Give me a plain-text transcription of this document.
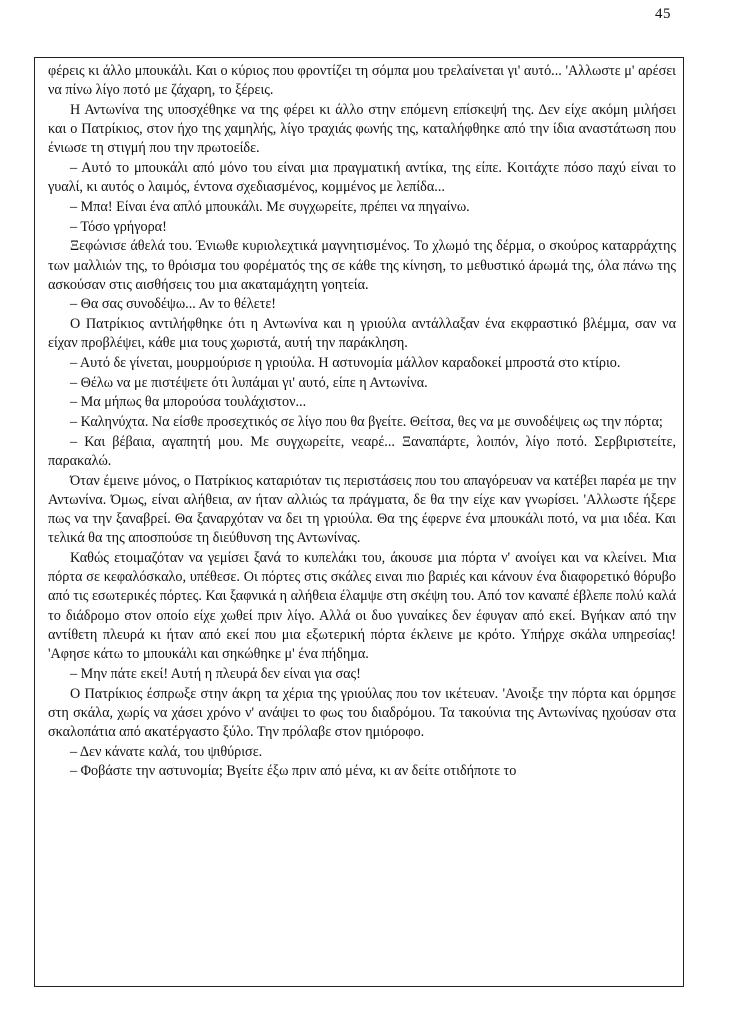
45

φέρεις κι άλλο μπουκάλι. Και ο κύριος που φροντίζει τη σόμπα μου τρελαίνεται γι' αυτό... 'Αλλωστε μ' αρέσει να πίνω λίγο ποτό με ζάχαρη, το ξέρεις.

Η Αντωνίνα της υποσχέθηκε να της φέρει κι άλλο στην επόμενη επίσκεψή της. Δεν είχε ακόμη μιλήσει και ο Πατρίκιος, στον ήχο της χαμηλής, λίγο τραχιάς φωνής της, καταλήφθηκε από την ίδια αναστάτωση που ένιωσε τη στιγμή που την πρωτοείδε.

– Αυτό το μπουκάλι από μόνο του είναι μια πραγματική αντίκα, της είπε. Κοιτάχτε πόσο παχύ είναι το γυαλί, κι αυτός ο λαιμός, έντονα σχεδιασμένος, κομμένος με λεπίδα...

– Μπα! Είναι ένα απλό μπουκάλι. Με συγχωρείτε, πρέπει να πηγαίνω.

– Τόσο γρήγορα!

Ξεφώνισε άθελά του. Ένιωθε κυριολεχτικά μαγνητισμένος. Το χλωμό της δέρμα, ο σκούρος καταρράχτης των μαλλιών της, το θρόισμα του φορέματός της σε κάθε της κίνηση, το μεθυστικό άρωμά της, όλα πάνω της ασκούσαν στις αισθήσεις του μια ακαταμάχητη γοητεία.

– Θα σας συνοδέψω... Αν το θέλετε!

Ο Πατρίκιος αντιλήφθηκε ότι η Αντωνίνα και η γριούλα αντάλλαξαν ένα εκφραστικό βλέμμα, σαν να είχαν προβλέψει, κάθε μια τους χωριστά, αυτή την παράκληση.

– Αυτό δε γίνεται, μουρμούρισε η γριούλα. Η αστυνομία μάλλον καραδοκεί μπροστά στο κτίριο.

– Θέλω να με πιστέψετε ότι λυπάμαι γι' αυτό, είπε η Αντωνίνα.

– Μα μήπως θα μπορούσα τουλάχιστον...

– Καληνύχτα. Να είσθε προσεχτικός σε λίγο που θα βγείτε. Θείτσα, θες να με συνοδέψεις ως την πόρτα;

– Και βέβαια, αγαπητή μου. Με συγχωρείτε, νεαρέ... Ξαναπάρτε, λοιπόν, λίγο ποτό. Σερβιριστείτε, παρακαλώ.

Όταν έμεινε μόνος, ο Πατρίκιος καταριόταν τις περιστάσεις που του απαγόρευαν να κατέβει παρέα με την Αντωνίνα. Όμως, είναι αλήθεια, αν ήταν αλλιώς τα πράγματα, δε θα την είχε καν γνωρίσει. 'Αλλωστε ήξερε πως να την ξαναβρεί. Θα ξαναρχόταν να δει τη γριούλα. Θα της έφερνε ένα μπουκάλι ποτό, να μια ιδέα. Και τελικά θα της αποσπούσε τη διεύθυνση της Αντωνίνας.

Καθώς ετοιμαζόταν να γεμίσει ξανά το κυπελάκι του, άκουσε μια πόρτα ν' ανοίγει και να κλείνει. Μια πόρτα σε κεφαλόσκαλο, υπέθεσε. Οι πόρτες στις σκάλες ειναι πιο βαριές και κάνουν ένα διαφορετικό θόρυβο από τις εσωτερικές πόρτες. Και ξαφνικά η αλήθεια έλαμψε στη σκέψη του. Από τον καναπέ έβλεπε πολύ καλά το διάδρομο στον οποίο είχε χωθεί πριν λίγο. Αλλά οι δυο γυναίκες δεν έφυγαν από εκεί. Βγήκαν από την αντίθετη πλευρά κι ήταν από εκεί που μια εξωτερική πόρτα έκλεινε με κρότο. Υπήρχε σκάλα υπηρεσίας! 'Αφησε κάτω το μπουκάλι και σηκώθηκε μ' ένα πήδημα.

– Μην πάτε εκεί! Αυτή η πλευρά δεν είναι για σας!

Ο Πατρίκιος έσπρωξε στην άκρη τα χέρια της γριούλας που τον ικέτευαν. 'Ανοιξε την πόρτα και όρμησε στη σκάλα, χωρίς να χάσει χρόνο ν' ανάψει το φως του διαδρόμου. Τα τακούνια της Αντωνίνας ηχούσαν στα σκαλοπάτια από ακατέργαστο ξύλο. Την πρόλαβε στον ημιόροφο.

– Δεν κάνατε καλά, του ψιθύρισε.

– Φοβάστε την αστυνομία; Βγείτε έξω πριν από μένα, κι αν δείτε οτιδήποτε το
